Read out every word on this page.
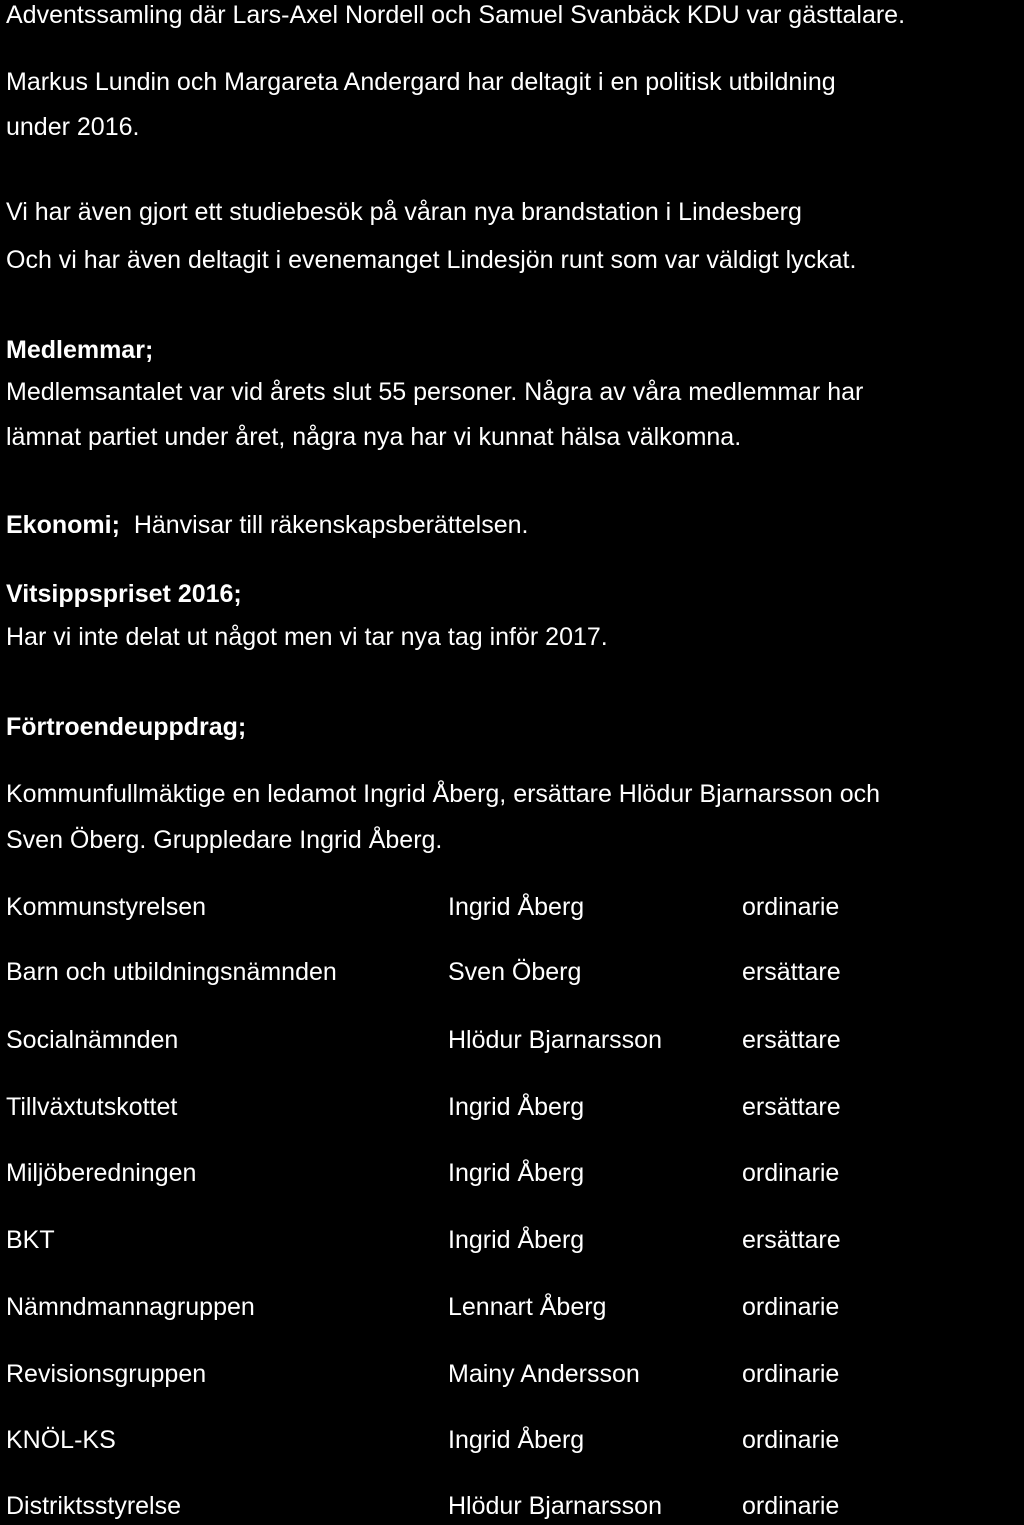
Adventssamling där Lars-Axel Nordell och Samuel Svanbäck KDU var gästtalare.

Markus Lundin och Margareta Andergard har deltagit i en politisk utbildning

under 2016.

Vi har även gjort ett studiebesök på våran nya brandstation i Lindesberg

Och vi har även deltagit i evenemanget Lindesjön runt som var väldigt lyckat.

Medlemmar;

Medlemsantalet var vid årets slut 55 personer. Några av våra medlemmar har

lämnat partiet under året, några nya har vi kunnat hälsa välkomna.

Ekonomi; Hänvisar till räkenskapsberättelsen.

Vitsippspriset 2016;

Har vi inte delat ut något men vi tar nya tag inför 2017.

Förtroendeuppdrag;

Kommunfullmäktige en ledamot Ingrid Åberg, ersättare Hlödur Bjarnarsson och

Sven Öberg. Gruppledare Ingrid Åberg.

Kommunstyrelsen	Ingrid Åberg	ordinarie

Barn och utbildningsnämnden	Sven Öberg	ersättare

Socialnämnden	Hlödur Bjarnarsson	ersättare

Tillväxtutskottet	Ingrid Åberg	ersättare

Miljöberedningen	Ingrid Åberg	ordinarie

BKT	Ingrid Åberg	ersättare

Nämndmannagruppen	Lennart Åberg	ordinarie

Revisionsgruppen	Mainy Andersson	ordinarie

KNÖL-KS	Ingrid Åberg	ordinarie

Distriktsstyrelse	Hlödur Bjarnarsson	ordinarie
